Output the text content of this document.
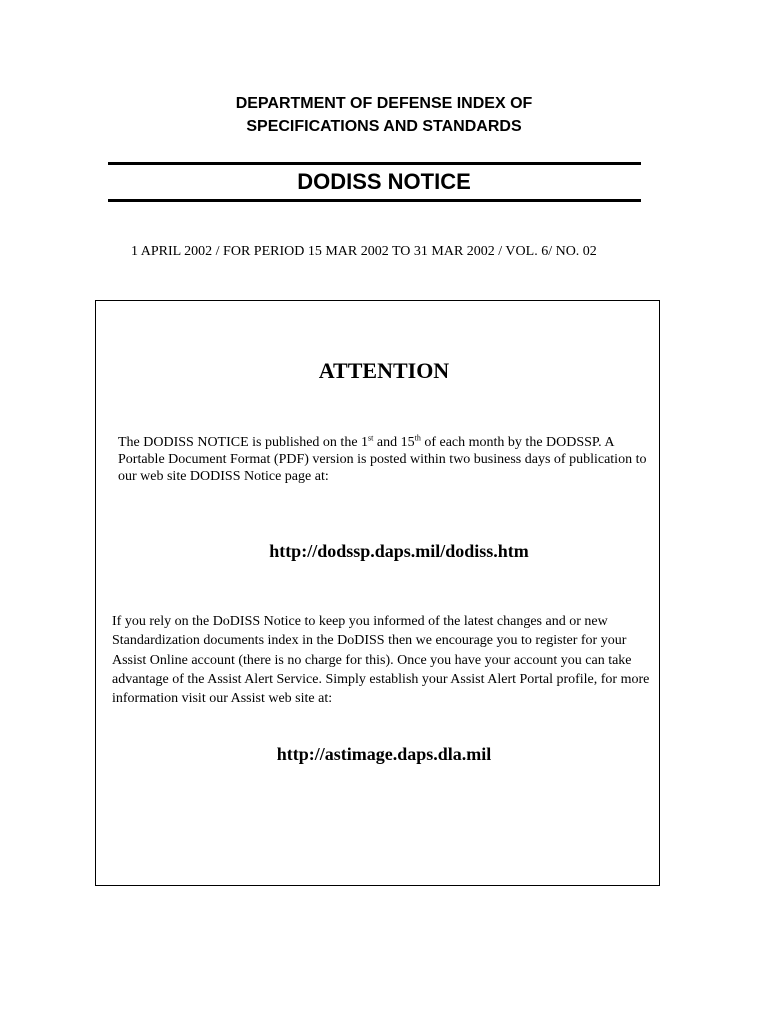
DEPARTMENT OF DEFENSE INDEX OF
SPECIFICATIONS AND STANDARDS
DODISS NOTICE
1 APRIL 2002 / FOR PERIOD 15 MAR 2002 TO 31 MAR 2002 / VOL. 6/ NO. 02
ATTENTION
The DODISS NOTICE is published on the 1st and 15th of each month by the DODSSP. A Portable Document Format (PDF) version is posted within two business days of publication to our web site DODISS Notice page at:
http://dodssp.daps.mil/dodiss.htm
If you rely on the DoDISS Notice to keep you informed of the latest changes and or new Standardization documents index in the DoDISS then we encourage you to register for your Assist Online account (there is no charge for this). Once you have your account you can take advantage of the Assist Alert Service. Simply establish your Assist Alert Portal profile, for more information visit our Assist web site at:
http://astimage.daps.dla.mil
